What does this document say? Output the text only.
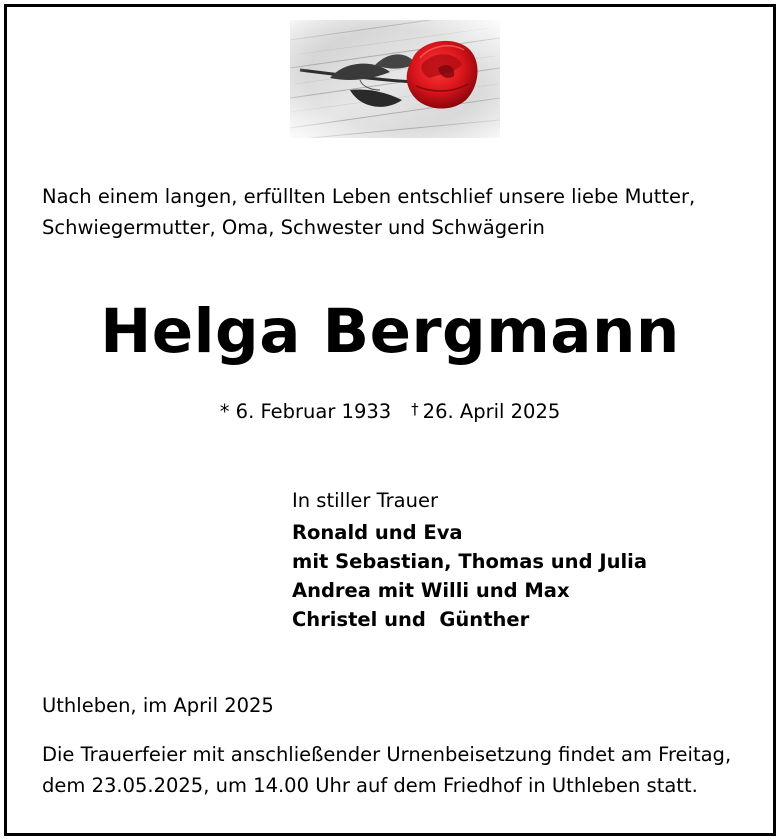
Nach einem langen, erfüllten Leben entschlief unsere liebe Mutter,
Schwiegermutter, Oma, Schwester und Schwägerin
Helga Bergmann
* 6. Februar 1933 † 26. April 2025
In stiller Trauer
Ronald und Eva
mit Sebastian, Thomas und Julia
Andrea mit Willi und Max
Christel und  Günther
Uthleben, im April 2025
Die Trauerfeier mit anschließender Urnenbeisetzung findet am Freitag,
dem 23.05.2025, um 14.00 Uhr auf dem Friedhof in Uthleben statt.
